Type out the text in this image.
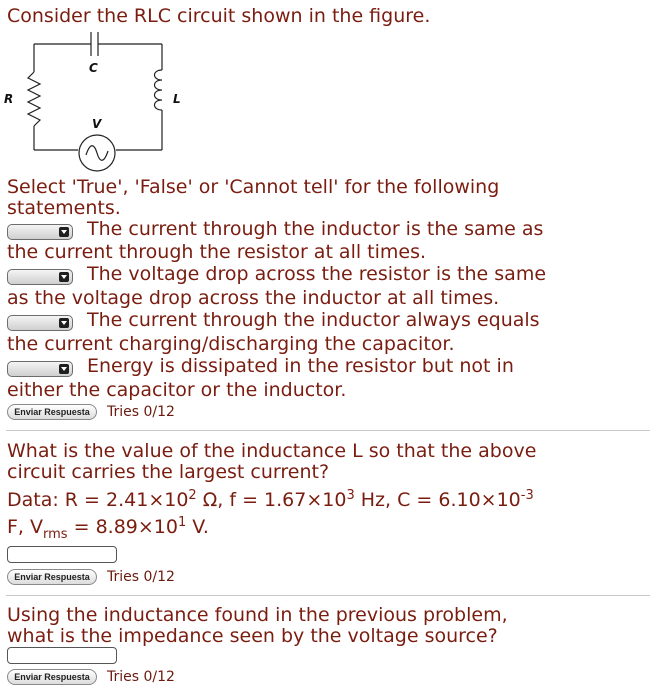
Consider the RLC circuit shown in the figure.
C
R	L
V
Select 'True', 'False' or 'Cannot tell' for the following
statements.
The current through the inductor is the same as
the current through the resistor at all times.
The voltage drop across the resistor is the same
as the voltage drop across the inductor at all times.
The current through the inductor always equals
the current charging/discharging the capacitor.
Energy is dissipated in the resistor but not in
either the capacitor or the inductor.
Enviar Respuesta	Tries 0/12
What is the value of the inductance L so that the above
circuit carries the largest current?
Data: $R = 2.41\times 10^2$ Ω, $f = 1.67\times 10^3$ Hz, $C = 6.10\times 10^{-3}$
F, $V_{rms} = 8.89\times 10^1$ V.
Enviar Respuesta	Tries 0/12
Using the inductance found in the previous problem,
what is the impedance seen by the voltage source?
Enviar Respuesta	Tries 0/12
